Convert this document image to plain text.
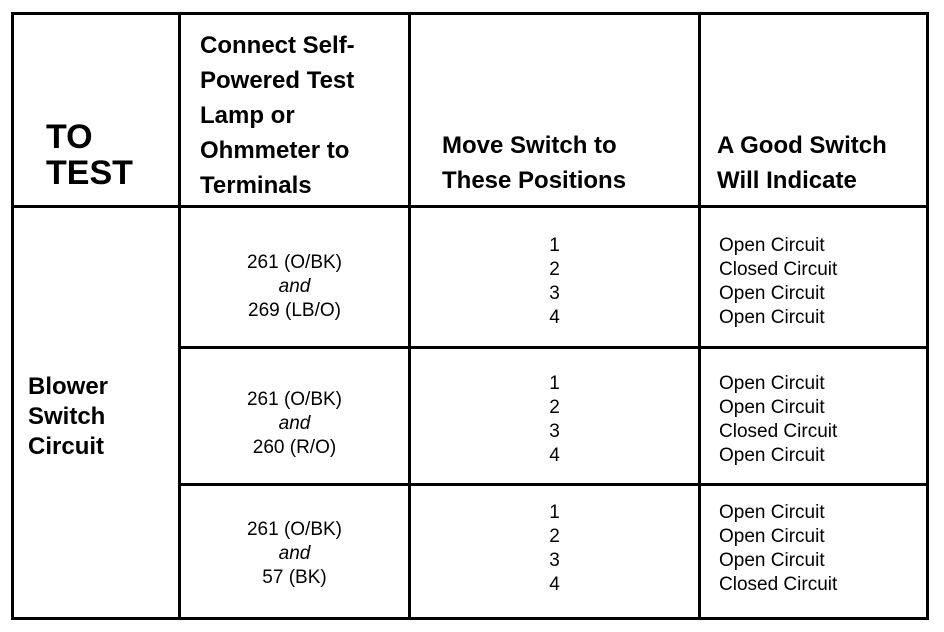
TO
TEST
Connect Self-
Powered Test
Lamp or
Ohmmeter to
Terminals
Move Switch to
These Positions
A Good Switch
Will Indicate
Blower
Switch
Circuit
261 (O/BK)
and
269 (LB/O)
1
2
3
4
Open Circuit
Closed Circuit
Open Circuit
Open Circuit
261 (O/BK)
and
260 (R/O)
1
2
3
4
Open Circuit
Open Circuit
Closed Circuit
Open Circuit
261 (O/BK)
and
57 (BK)
1
2
3
4
Open Circuit
Open Circuit
Open Circuit
Closed Circuit
